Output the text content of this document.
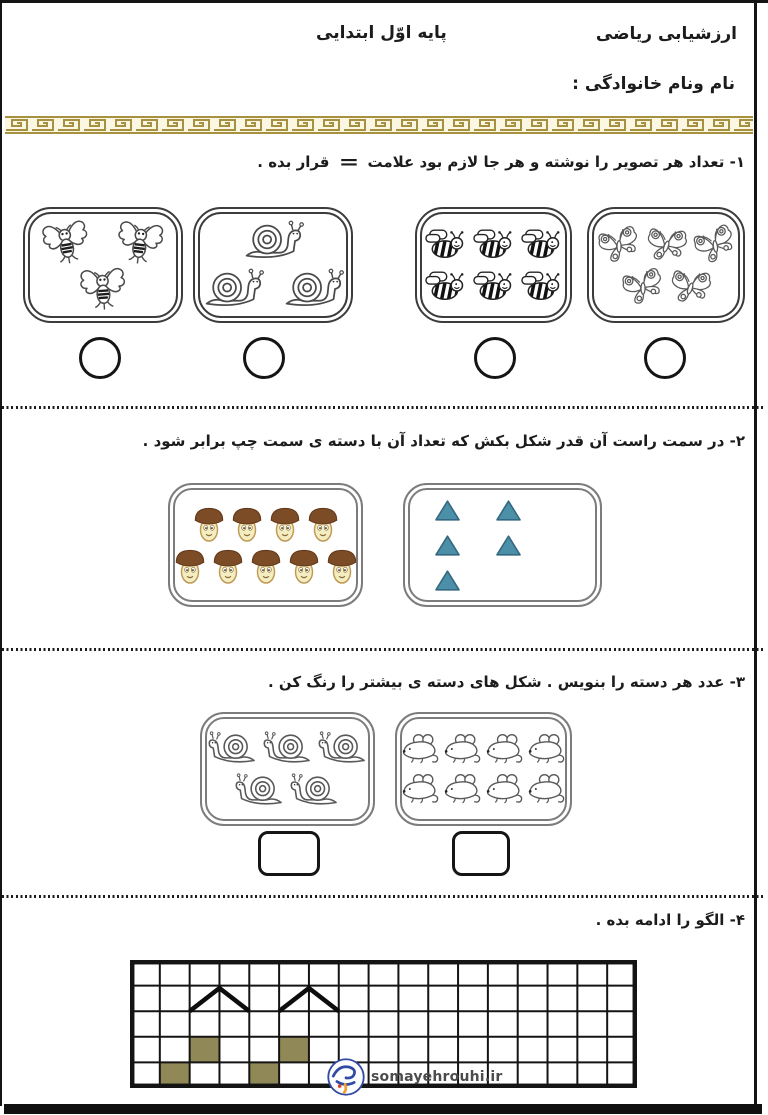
ارزشیابی ریاضی
پایه اوّل ابتدایی
نام ونام خانوادگی :
۱- تعداد هر تصویر را نوشته و هر جا لازم بود علامت
=
قرار بده .
۲- در سمت راست آن قدر شکل بکش که تعداد آن با دسته ی سمت چپ برابر شود .
۳- عدد هر دسته را بنویس . شکل های دسته ی بیشتر را رنگ کن .
۴- الگو را ادامه بده .
somayehrouhi.ir
